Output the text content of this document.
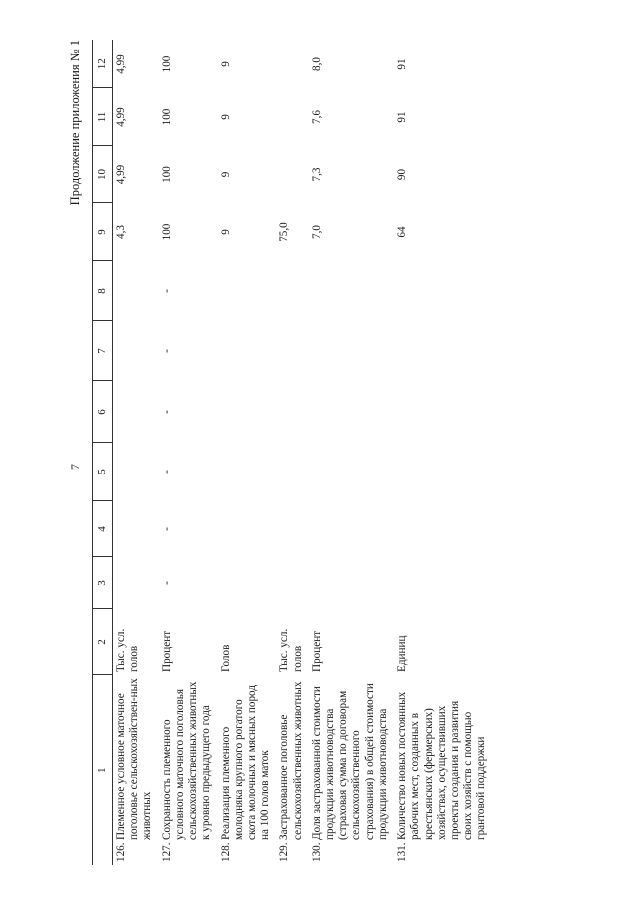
7
Продолжение приложения № 1
1		2	3	4	5	6	7	8	9	10	11	12
126.	Племенное условное маточное поголовье сельскохозяйствен-ных животных	Тыс. усл. голов							4,3	4,99	4,99	4,99
127.	Сохранность племенного условного маточного поголовья сельскохозяйственных животных к уровню предыдущего года	Процент	-	-	-	-	-	-	100	100	100	100
128.	Реализация племенного молодняка крупного рогатого скота молочных и мясных пород на 100 голов маток	Голов							9	9	9	9
129.	Застрахованное поголовье сельскохозяйственных животных	Тыс. усл. голов							75,0			
130.	Доля застрахованной стоимости продукции животноводства (страховая сумма по договорам сельскохозяйственного страхования) в общей стоимости продукции животноводства	Процент							7,0	7,3	7,6	8,0
131.	Количество новых постоянных рабочих мест, созданных в крестьянских (фермерских) хозяйствах, осуществивших проекты создания и развития своих хозяйств с помощью грантовой поддержки	Единиц							64	90	91	91
